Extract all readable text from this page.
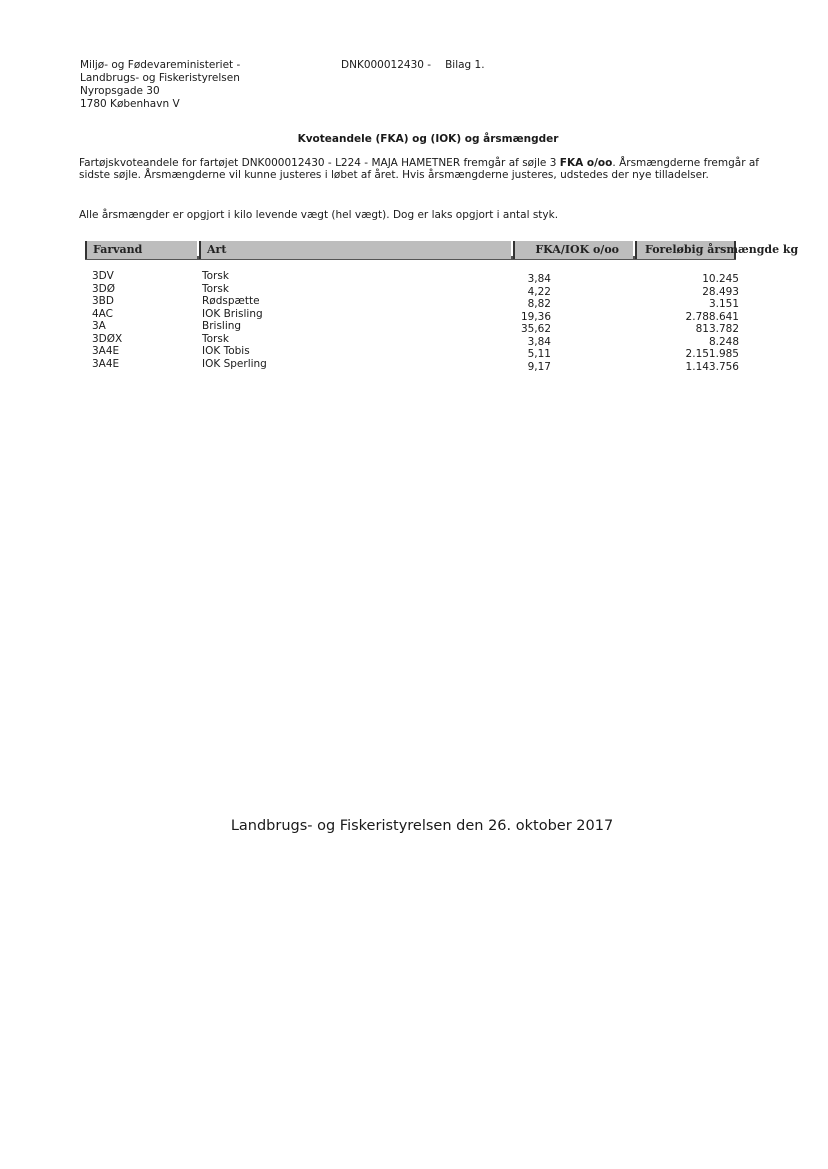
Miljø- og Fødevareministeriet -
Landbrugs- og Fiskeristyrelsen
Nyropsgade 30
1780 København V
DNK000012430 - Bilag 1.
Kvoteandele (FKA) og (IOK) og årsmængder
Fartøjskvoteandele for fartøjet DNK000012430 - L224 - MAJA HAMETNER fremgår af søjle 3 FKA o/oo. Årsmængderne fremgår af sidste søjle. Årsmængderne vil kunne justeres i løbet af året. Hvis årsmængderne justeres, udstedes der nye tilladelser.
Alle årsmængder er opgjort i kilo levende vægt (hel vægt). Dog er laks opgjort i antal styk.
Farvand	Art	FKA/IOK o/oo	Foreløbig årsmængde kg
3DV	Torsk	3,84	10.245
3DØ	Torsk	4,22	28.493
3BD	Rødspætte	8,82	3.151
4AC	IOK Brisling	19,36	2.788.641
3A	Brisling	35,62	813.782
3DØX	Torsk	3,84	8.248
3A4E	IOK Tobis	5,11	2.151.985
3A4E	IOK Sperling	9,17	1.143.756
Landbrugs- og Fiskeristyrelsen den 26. oktober 2017
